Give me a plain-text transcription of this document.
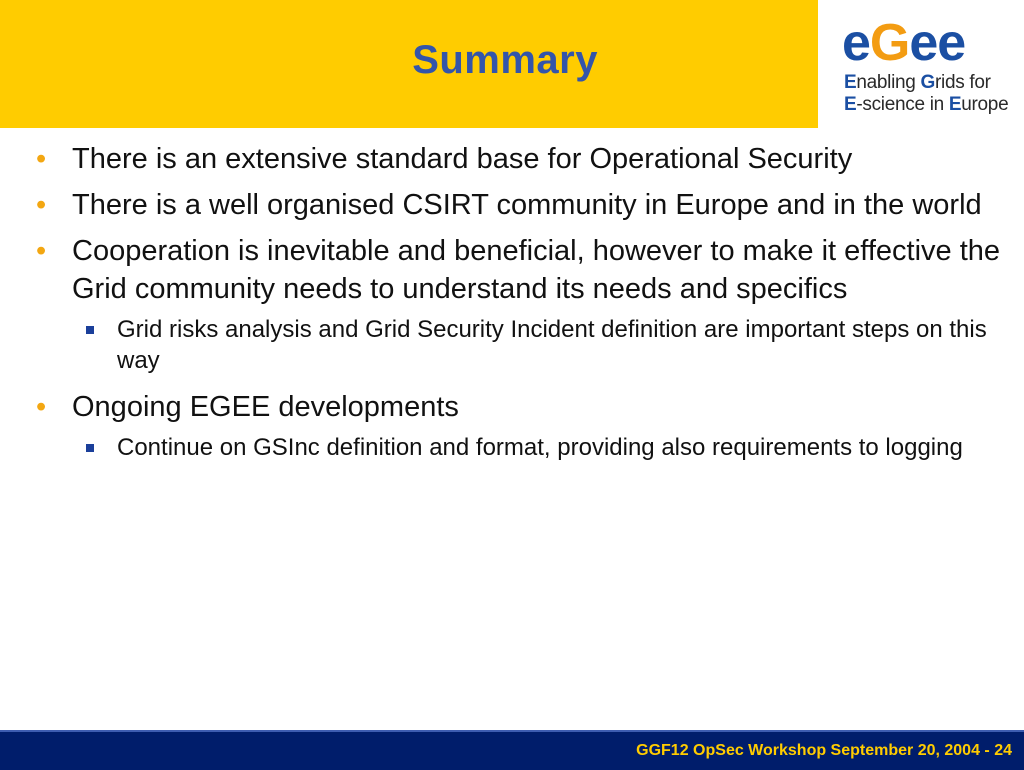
Summary	eGee
Enabling Grids for
E-science in Europe
• There is an extensive standard base for Operational Security
• There is a well organised CSIRT community in Europe and in the world
• Cooperation is inevitable and beneficial, however to make it effective the Grid community needs to understand its needs and specifics
Grid risks analysis and Grid Security Incident definition are important steps on this way
• Ongoing EGEE developments
Continue on GSInc definition and format, providing also requirements to logging
GGF12 OpSec Workshop September 20, 2004 - 24
